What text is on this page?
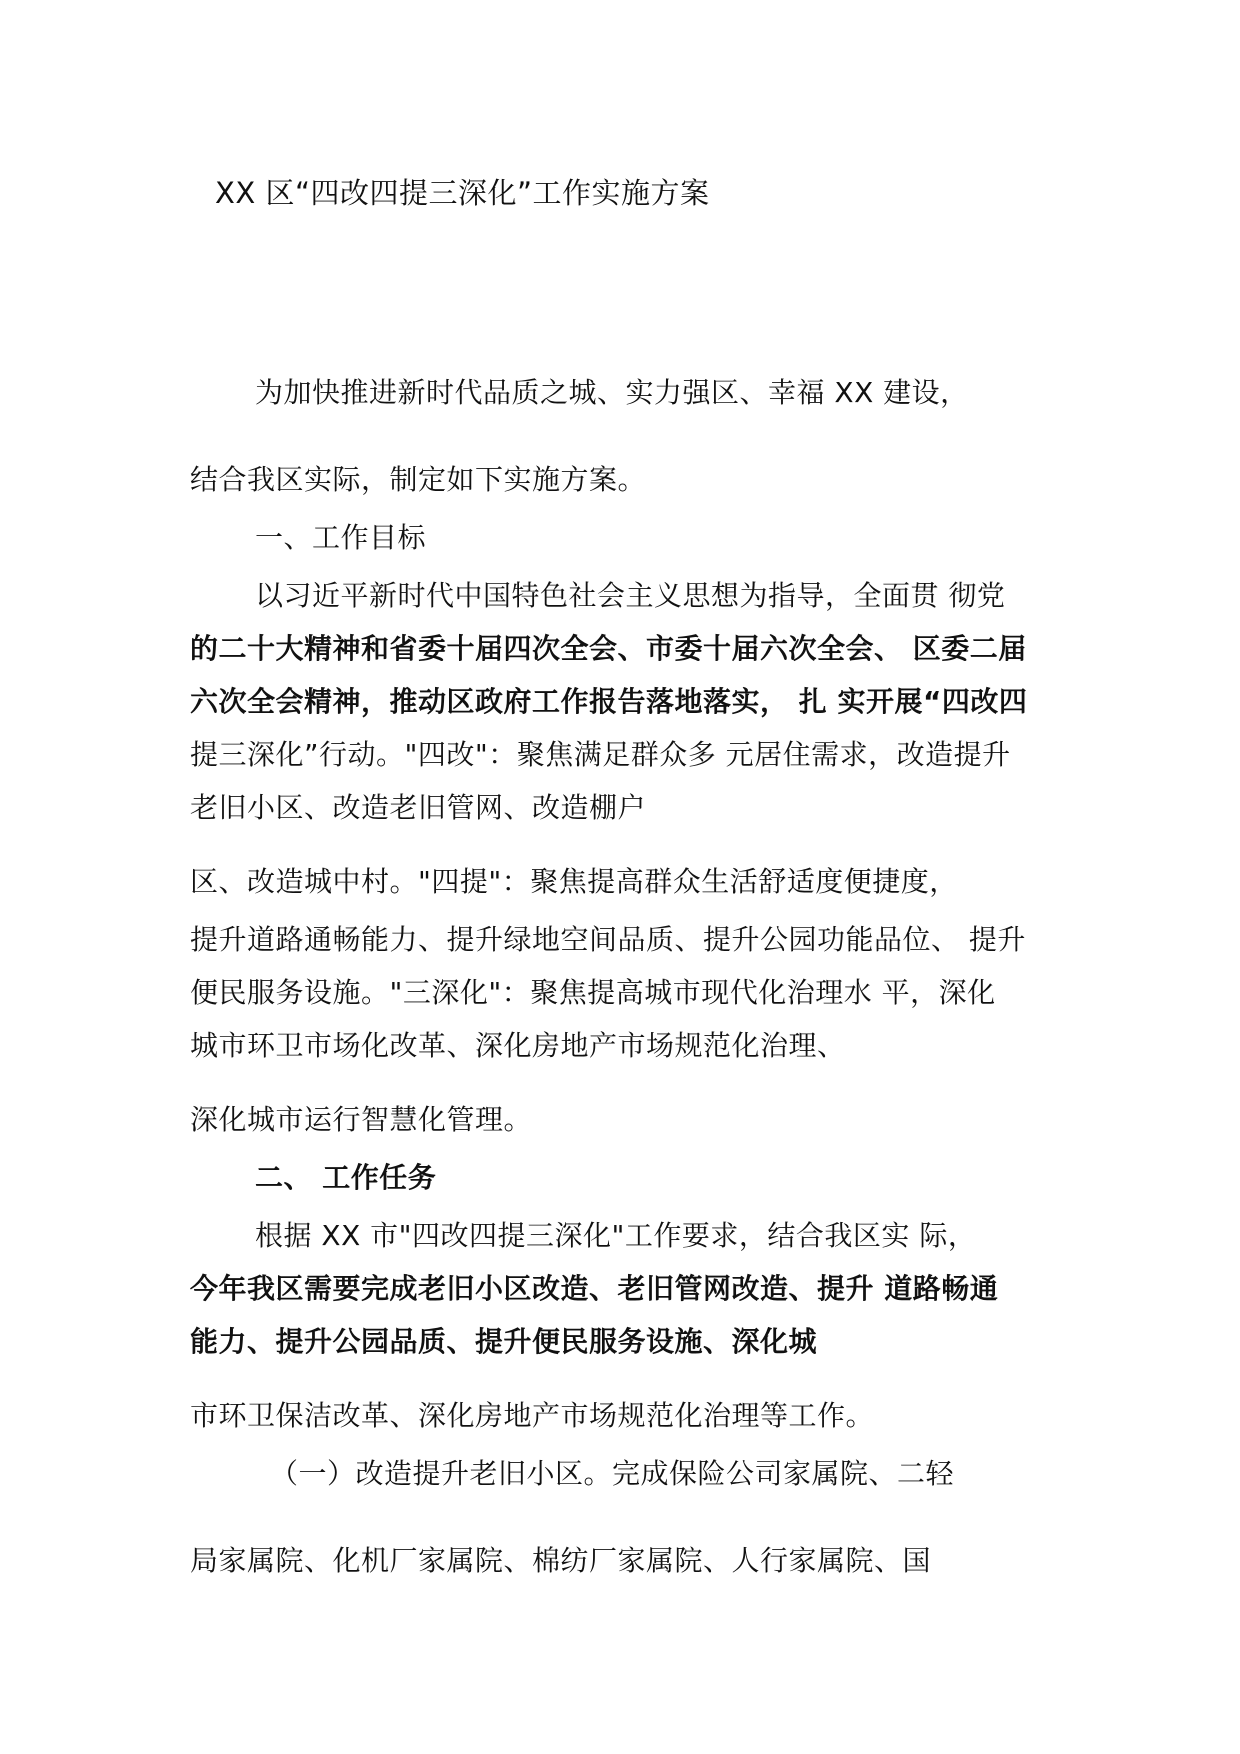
XX 区“四改四提三深化”工作实施方案

为加快推进新时代品质之城、实力强区、幸福 XX 建设，

结合我区实际，制定如下实施方案。

一、工作目标

以习近平新时代中国特色社会主义思想为指导，全面贯 彻党

的二十大精神和省委十届四次全会、市委十届六次全会、 区委二届

六次全会精神，推动区政府工作报告落地落实， 扎 实开展“四改四

提三深化”行动。"四改"：聚焦满足群众多 元居住需求，改造提升

老旧小区、改造老旧管网、改造棚户

区、改造城中村。"四提"：聚焦提高群众生活舒适度便捷度，

提升道路通畅能力、提升绿地空间品质、提升公园功能品位、 提升

便民服务设施。"三深化"：聚焦提高城市现代化治理水 平，深化

城市环卫市场化改革、深化房地产市场规范化治理、

深化城市运行智慧化管理。

二、 工作任务

根据 XX 市"四改四提三深化"工作要求，结合我区实 际，

今年我区需要完成老旧小区改造、老旧管网改造、提升 道路畅通

能力、提升公园品质、提升便民服务设施、深化城

市环卫保洁改革、深化房地产市场规范化治理等工作。

（一）改造提升老旧小区。完成保险公司家属院、二轻

局家属院、化机厂家属院、棉纺厂家属院、人行家属院、国
